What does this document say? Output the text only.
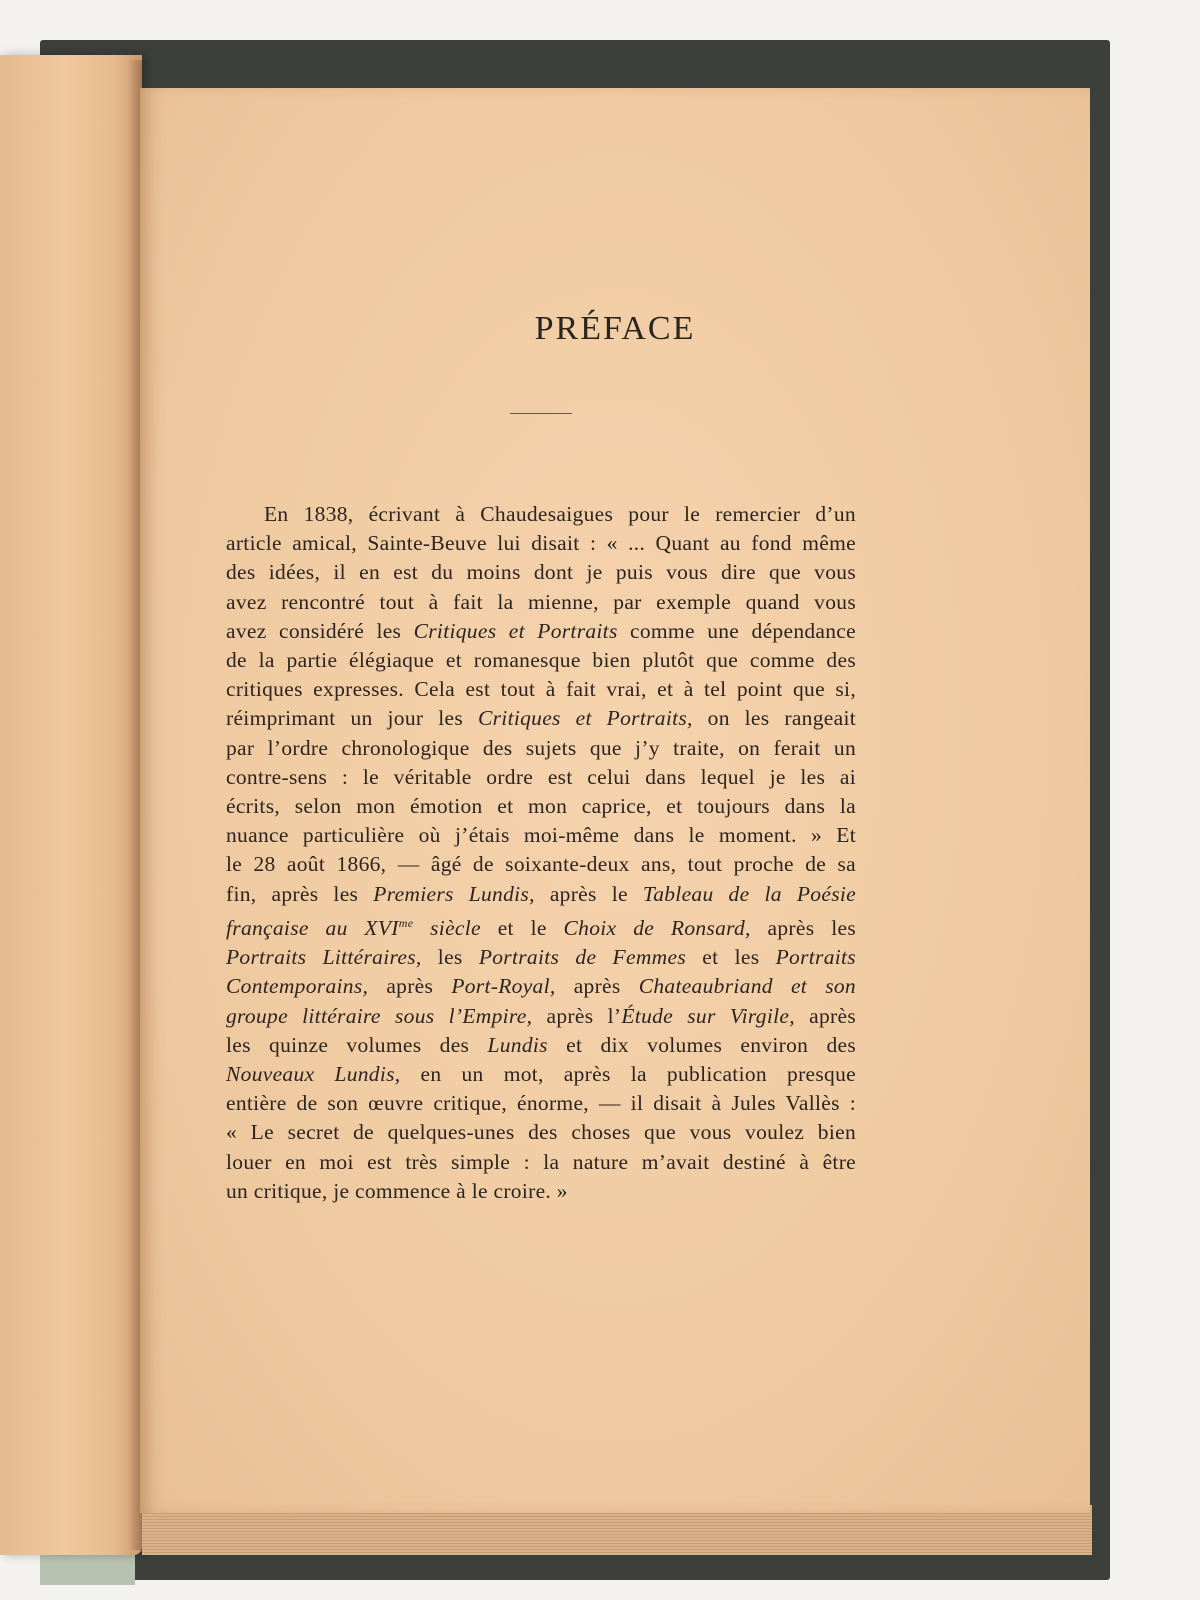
PRÉFACE
En 1838, écrivant à Chaudesaigues pour le remercier d’un
article amical, Sainte-Beuve lui disait : « ... Quant au fond même
des idées, il en est du moins dont je puis vous dire que vous
avez rencontré tout à fait la mienne, par exemple quand vous
avez considéré les Critiques et Portraits comme une dépendance
de la partie élégiaque et romanesque bien plutôt que comme des
critiques expresses. Cela est tout à fait vrai, et à tel point que si,
réimprimant un jour les Critiques et Portraits, on les rangeait
par l’ordre chronologique des sujets que j’y traite, on ferait un
contre-sens : le véritable ordre est celui dans lequel je les ai
écrits, selon mon émotion et mon caprice, et toujours dans la
nuance particulière où j’étais moi-même dans le moment. » Et
le 28 août 1866, — âgé de soixante-deux ans, tout proche de sa
fin, après les Premiers Lundis, après le Tableau de la Poésie
française au $XVI^{me}$ siècle et le Choix de Ronsard, après les
Portraits Littéraires, les Portraits de Femmes et les Portraits
Contemporains, après Port-Royal, après Chateaubriand et son
groupe littéraire sous l’Empire, après l’Étude sur Virgile, après
les quinze volumes des Lundis et dix volumes environ des
Nouveaux Lundis, en un mot, après la publication presque
entière de son œuvre critique, énorme, — il disait à Jules Vallès :
« Le secret de quelques-unes des choses que vous voulez bien
louer en moi est très simple : la nature m’avait destiné à être
un critique, je commence à le croire. »
